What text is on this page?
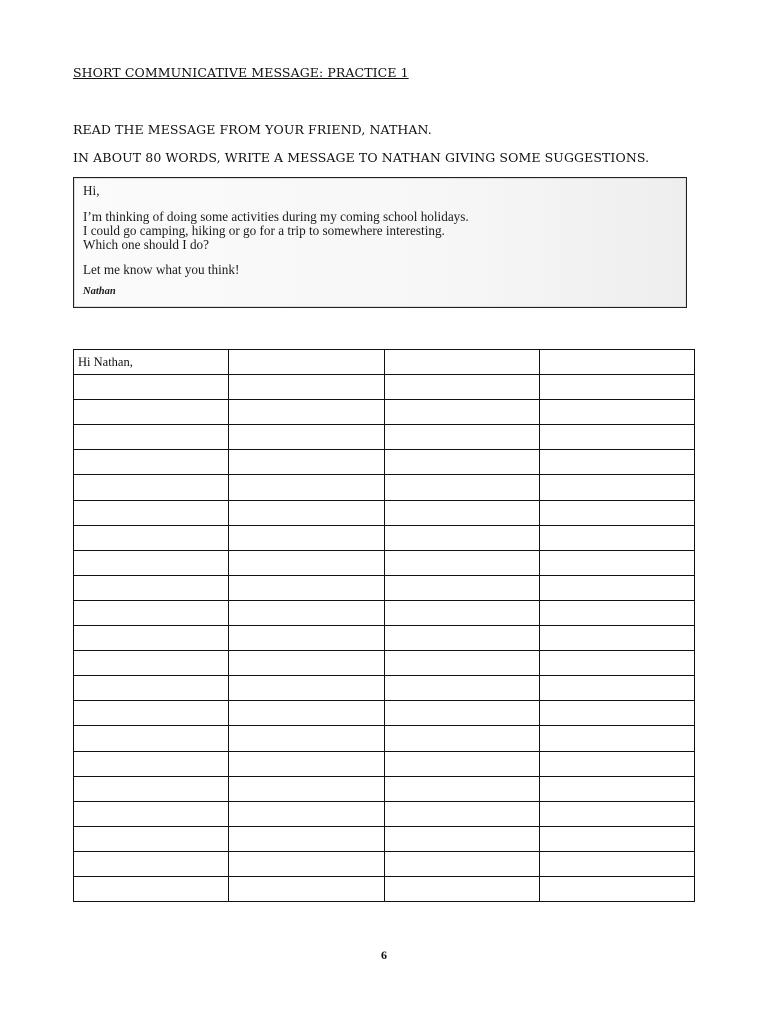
SHORT COMMUNICATIVE MESSAGE: PRACTICE 1
READ THE MESSAGE FROM YOUR FRIEND, NATHAN.
IN ABOUT 80 WORDS, WRITE A MESSAGE TO NATHAN GIVING SOME SUGGESTIONS.
Hi,
I’m thinking of doing some activities during my coming school holidays.
I could go camping, hiking or go for a trip to somewhere interesting.
Which one should I do?
Let me know what you think!
Nathan
Hi Nathan,			

6
